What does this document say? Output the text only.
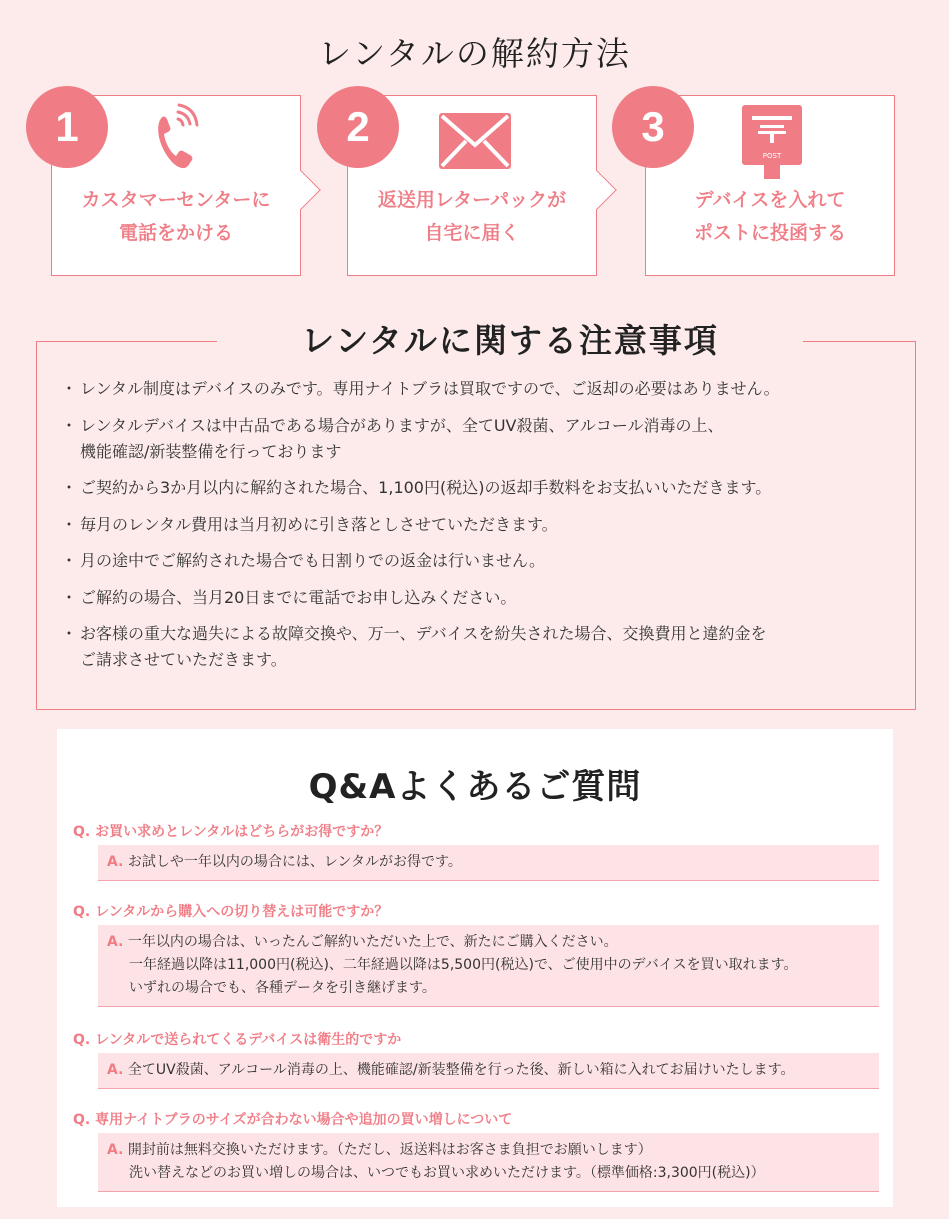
レンタルの解約方法
カスタマーセンターに
電話をかける
1
返送用レターパックが
自宅に届く
2
デバイスを入れて
ポストに投函する
3
POST
レンタルに関する注意事項
・ レンタル制度はデバイスのみです。専用ナイトブラは買取ですので、ご返却の必要はありません。
・ レンタルデバイスは中古品である場合がありますが、全てUV殺菌、アルコール消毒の上、
機能確認/新装整備を行っております
・ ご契約から3か月以内に解約された場合、1,100円(税込)の返却手数料をお支払いいただきます。
・ 毎月のレンタル費用は当月初めに引き落としさせていただきます。
・ 月の途中でご解約された場合でも日割りでの返金は行いません。
・ ご解約の場合、当月20日までに電話でお申し込みください。
・ お客様の重大な過失による故障交換や、万一、デバイスを紛失された場合、交換費用と違約金を
ご請求させていただきます。
Q&Aよくあるご質問
Q. お買い求めとレンタルはどちらがお得ですか？
A. お試しや一年以内の場合には、レンタルがお得です。
Q. レンタルから購入への切り替えは可能ですか？
A. 一年以内の場合は、いったんご解約いただいた上で、新たにご購入ください。
一年経過以降は11,000円(税込)、二年経過以降は5,500円(税込)で、ご使用中のデバイスを買い取れます。
いずれの場合でも、各種データを引き継げます。
Q. レンタルで送られてくるデバイスは衛生的ですか
A. 全てUV殺菌、アルコール消毒の上、機能確認/新装整備を行った後、新しい箱に入れてお届けいたします。
Q. 専用ナイトブラのサイズが合わない場合や追加の買い増しについて
A. 開封前は無料交換いただけます。（ただし、返送料はお客さま負担でお願いします）
洗い替えなどのお買い増しの場合は、いつでもお買い求めいただけます。（標準価格:3,300円(税込)）
